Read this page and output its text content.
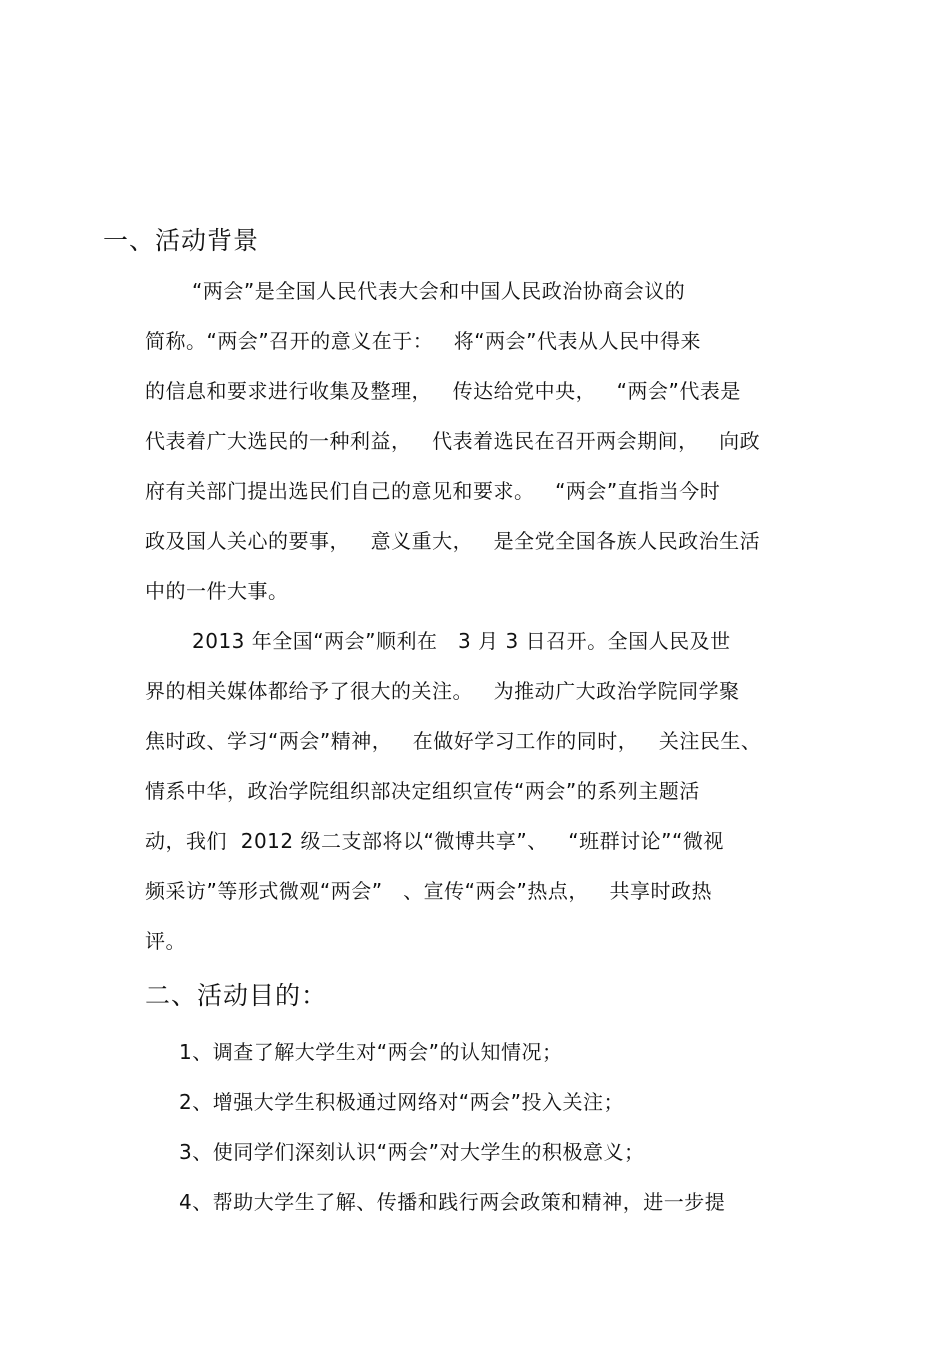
一、活动背景
“两会”是全国人民代表大会和中国人民政治协商会议的
简称。“两会”召开的意义在于：   将“两会”代表从人民中得来
的信息和要求进行收集及整理，   传达给党中央，   “两会”代表是
代表着广大选民的一种利益，   代表着选民在召开两会期间，   向政
府有关部门提出选民们自己的意见和要求。   “两会”直指当今时
政及国人关心的要事，   意义重大，   是全党全国各族人民政治生活
中的一件大事。
2013 年全国“两会”顺利在   3 月 3 日召开。全国人民及世
界的相关媒体都给予了很大的关注。   为推动广大政治学院同学聚
焦时政、学习“两会”精神，   在做好学习工作的同时，   关注民生、
情系中华，政治学院组织部决定组织宣传“两会”的系列主题活
动，我们  2012 级二支部将以“微博共享”、   “班群讨论”“微视
频采访”等形式微观“两会”   、宣传“两会”热点，   共享时政热
评。
二、活动目的：
1、调查了解大学生对“两会”的认知情况；
2、增强大学生积极通过网络对“两会”投入关注；
3、使同学们深刻认识“两会”对大学生的积极意义；
4、帮助大学生了解、传播和践行两会政策和精神，进一步提
